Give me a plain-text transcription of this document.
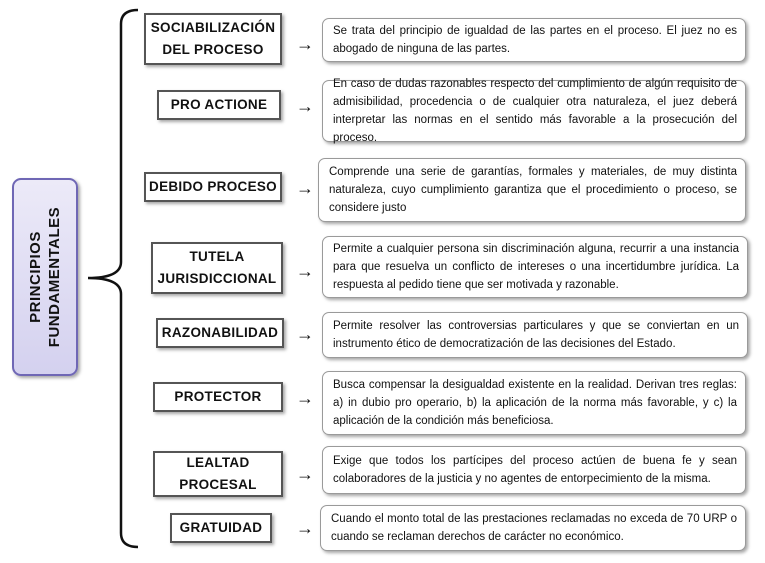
PRINCIPIOS FUNDAMENTALES
SOCIABILIZACIÓN
DEL PROCESO	→
Se trata del principio de igualdad de las partes en el proceso. El juez no es abogado de ninguna de las partes.
PRO ACTIONE →
En caso de dudas razonables respecto del cumplimiento de algún requisito de admisibilidad, procedencia o de cualquier otra naturaleza, el juez deberá interpretar las normas en el sentido más favorable a la prosecución del proceso.
DEBIDO PROCESO →
Comprende una serie de garantías, formales y materiales, de muy distinta naturaleza, cuyo cumplimiento garantiza que el procedimiento o proceso, se considere justo
TUTELA
JURISDICCIONAL →
Permite a cualquier persona sin discriminación alguna, recurrir a una instancia para que resuelva un conflicto de intereses o una incertidumbre jurídica. La respuesta al pedido tiene que ser motivada y razonable.
RAZONABILIDAD → Permite resolver las controversias particulares y que se conviertan en un instrumento ético de democratización de las decisiones del Estado.
PROTECTOR →
Busca compensar la desigualdad existente en la realidad. Derivan tres reglas: a) in dubio pro operario, b) la aplicación de la norma más favorable, y c) la aplicación de la condición más beneficiosa.
LEALTAD
PROCESAL
→
Exige que todos los partícipes del proceso actúen de buena fe y sean colaboradores de la justicia y no agentes de entorpecimiento de la misma.
GRATUIDAD → Cuando el monto total de las prestaciones reclamadas no exceda de 70 URP o cuando se reclaman derechos de carácter no económico.
